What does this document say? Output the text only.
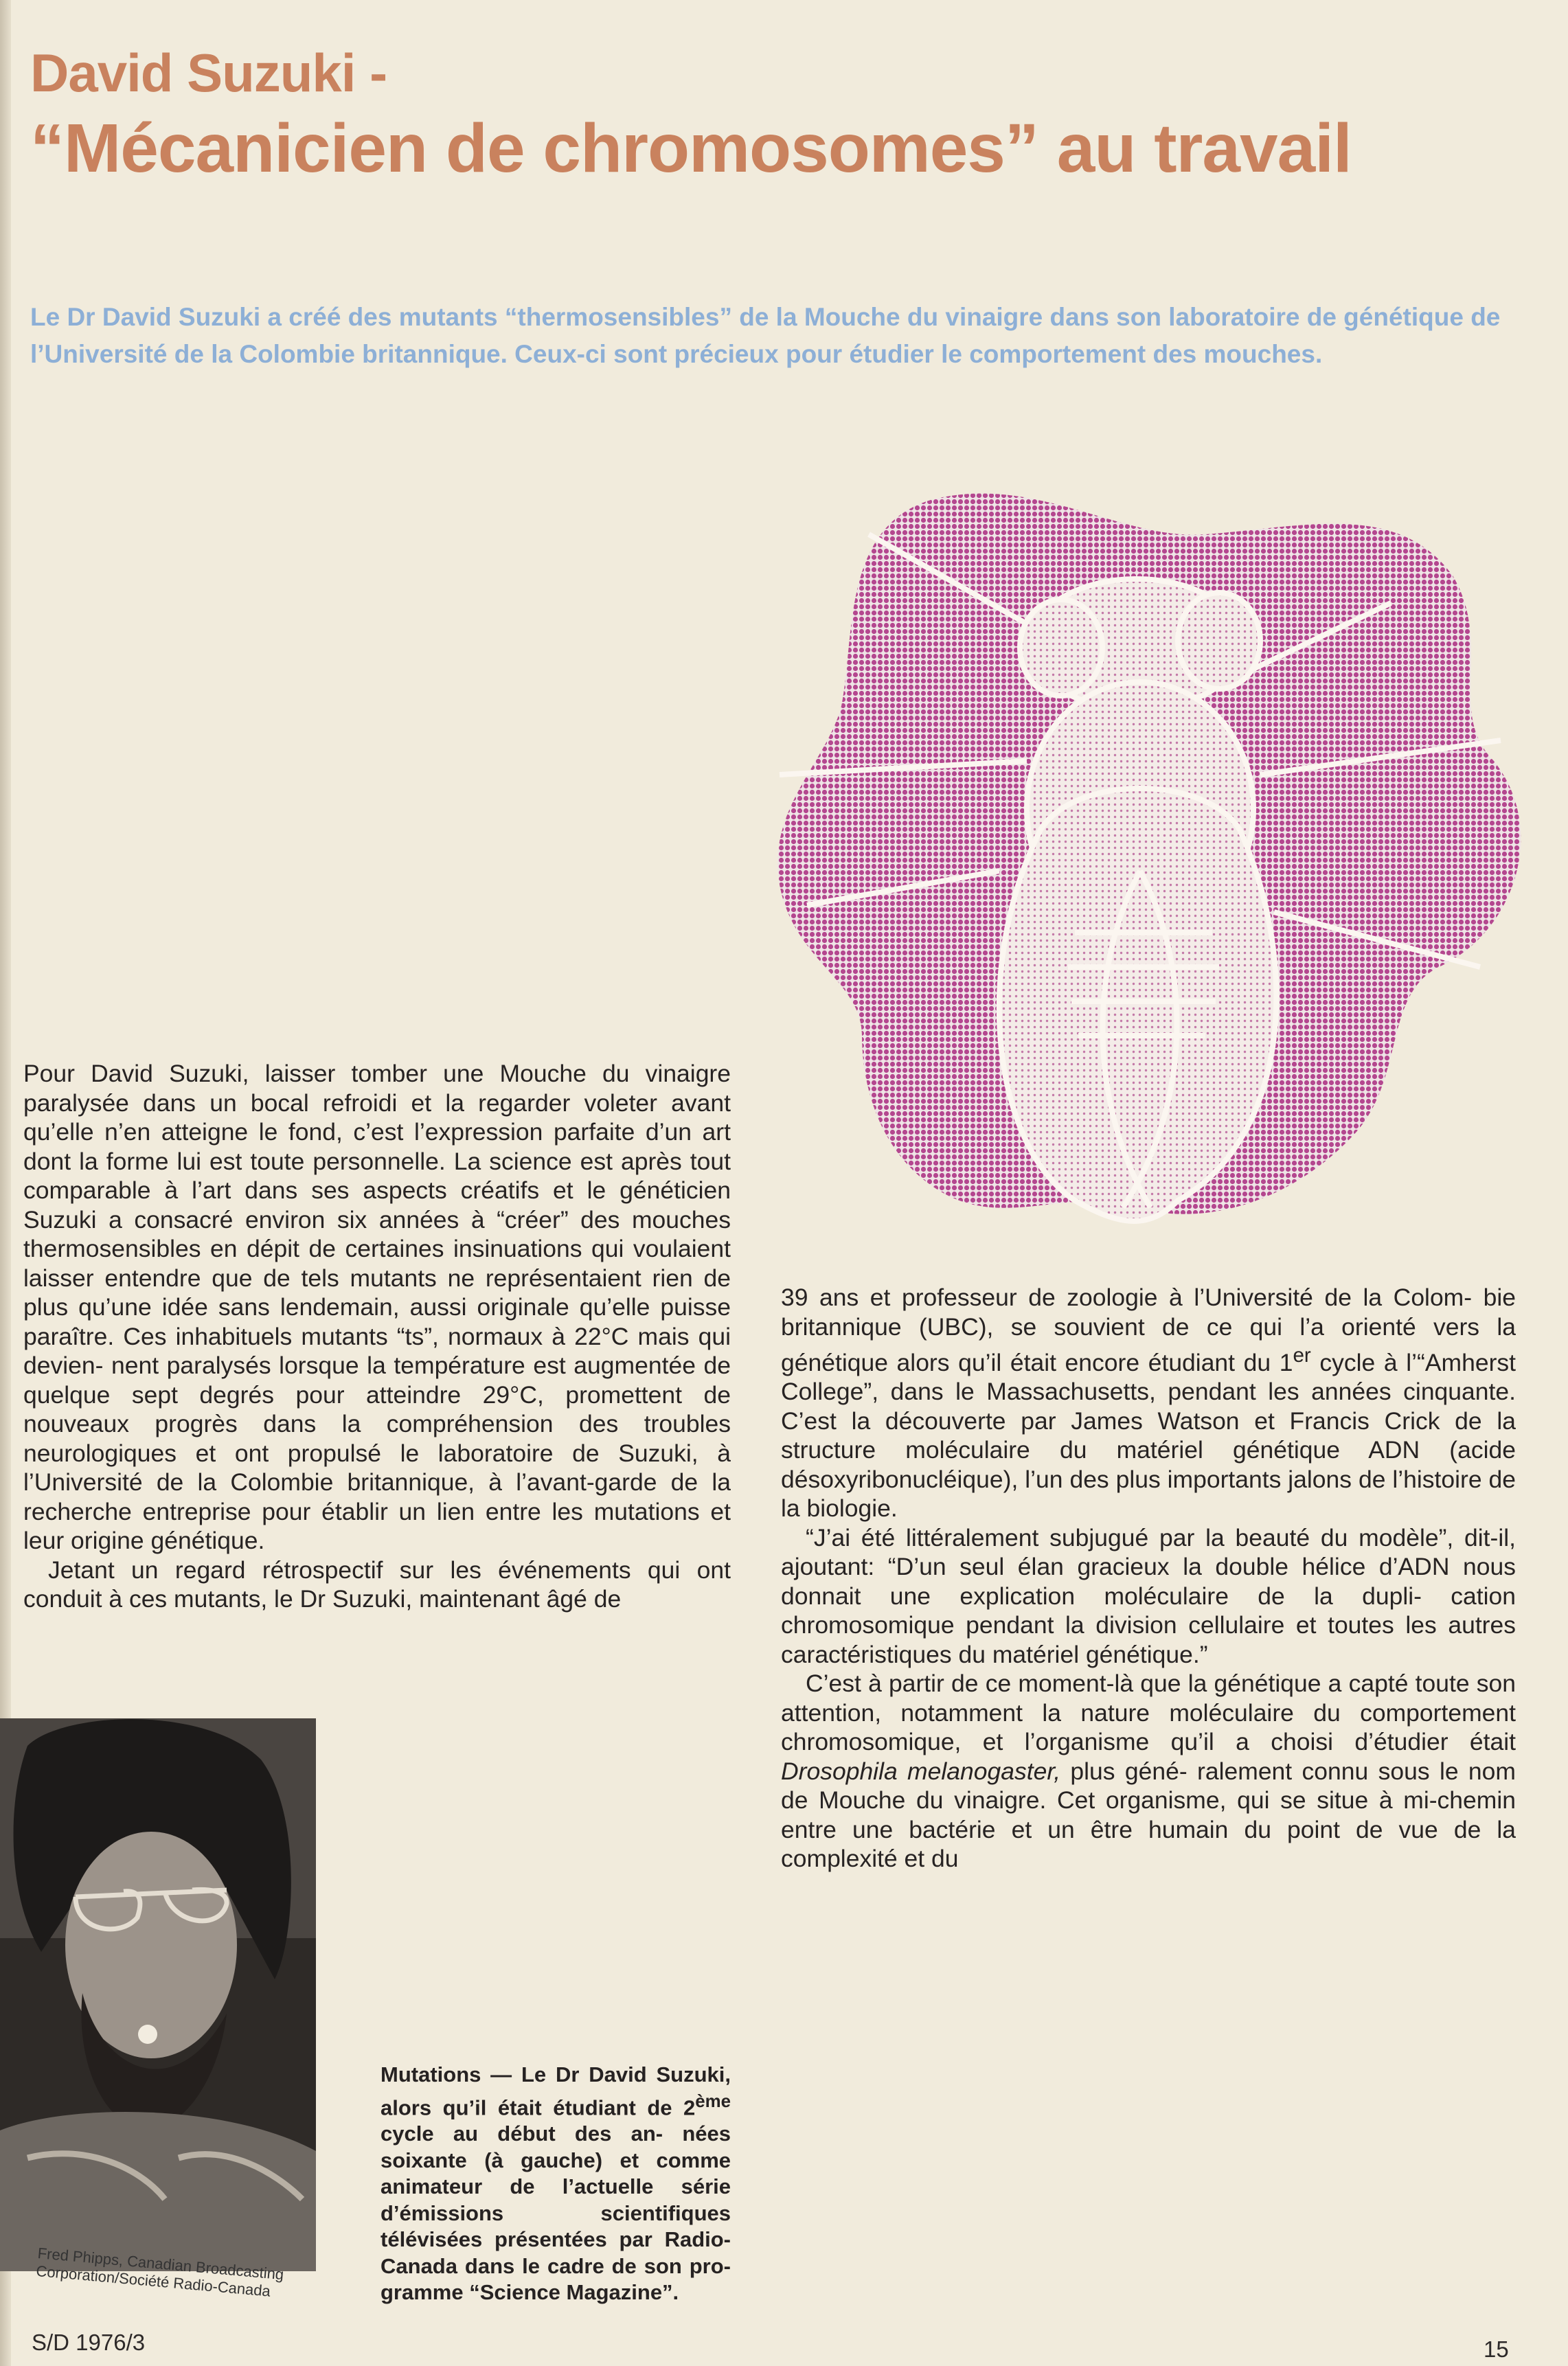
David Suzuki -
“Mécanicien de chromosomes” au travail

Le Dr David Suzuki a créé des mutants “thermosensibles” de la Mouche du vinaigre dans son laboratoire de génétique de l’Université de la Colombie britannique. Ceux-ci sont précieux pour étudier le comportement des mouches.

Pour David Suzuki, laisser tomber une Mouche du vinaigre paralysée dans un bocal refroidi et la regarder voleter avant qu’elle n’en atteigne le fond, c’est l’expression parfaite d’un art dont la forme lui est toute personnelle. La science est après tout comparable à l’art dans ses aspects créatifs et le généticien Suzuki a consacré environ six années à “créer” des mouches thermosensibles en dépit de certaines insinuations qui voulaient laisser entendre que de tels mutants ne représentaient rien de plus qu’une idée sans lendemain, aussi originale qu’elle puisse paraître. Ces inhabituels mutants “ts”, normaux à 22°C mais qui devien- nent paralysés lorsque la température est augmentée de quelque sept degrés pour atteindre 29°C, promettent de nouveaux progrès dans la compréhension des troubles neurologiques et ont propulsé le laboratoire de Suzuki, à l’Université de la Colombie britannique, à l’avant-garde de la recherche entreprise pour établir un lien entre les mutations et leur origine génétique.

Jetant un regard rétrospectif sur les événements qui ont conduit à ces mutants, le Dr Suzuki, maintenant âgé de

39 ans et professeur de zoologie à l’Université de la Colom- bie britannique (UBC), se souvient de ce qui l’a orienté vers la génétique alors qu’il était encore étudiant du 1er cycle à l’“Amherst College”, dans le Massachusetts, pendant les années cinquante. C’est la découverte par James Watson et Francis Crick de la structure moléculaire du matériel génétique ADN (acide désoxyribonucléique), l’un des plus importants jalons de l’histoire de la biologie.

“J’ai été littéralement subjugué par la beauté du modèle”, dit-il, ajoutant: “D’un seul élan gracieux la double hélice d’ADN nous donnait une explication moléculaire de la dupli- cation chromosomique pendant la division cellulaire et toutes les autres caractéristiques du matériel génétique.”

C’est à partir de ce moment-là que la génétique a capté toute son attention, notamment la nature moléculaire du comportement chromosomique, et l’organisme qu’il a choisi d’étudier était Drosophila melanogaster, plus géné- ralement connu sous le nom de Mouche du vinaigre. Cet organisme, qui se situe à mi-chemin entre une bactérie et un être humain du point de vue de la complexité et du

Mutations — Le Dr David Suzuki, alors qu’il était étudiant de 2ème cycle au début des an- nées soixante (à gauche) et comme animateur de l’actuelle série d’émissions scientifiques télévisées présentées par Radio- Canada dans le cadre de son pro- gramme “Science Magazine”.

Fred Phipps, Canadian Broadcasting Corporation/Société Radio-Canada

S/D 1976/3	15
